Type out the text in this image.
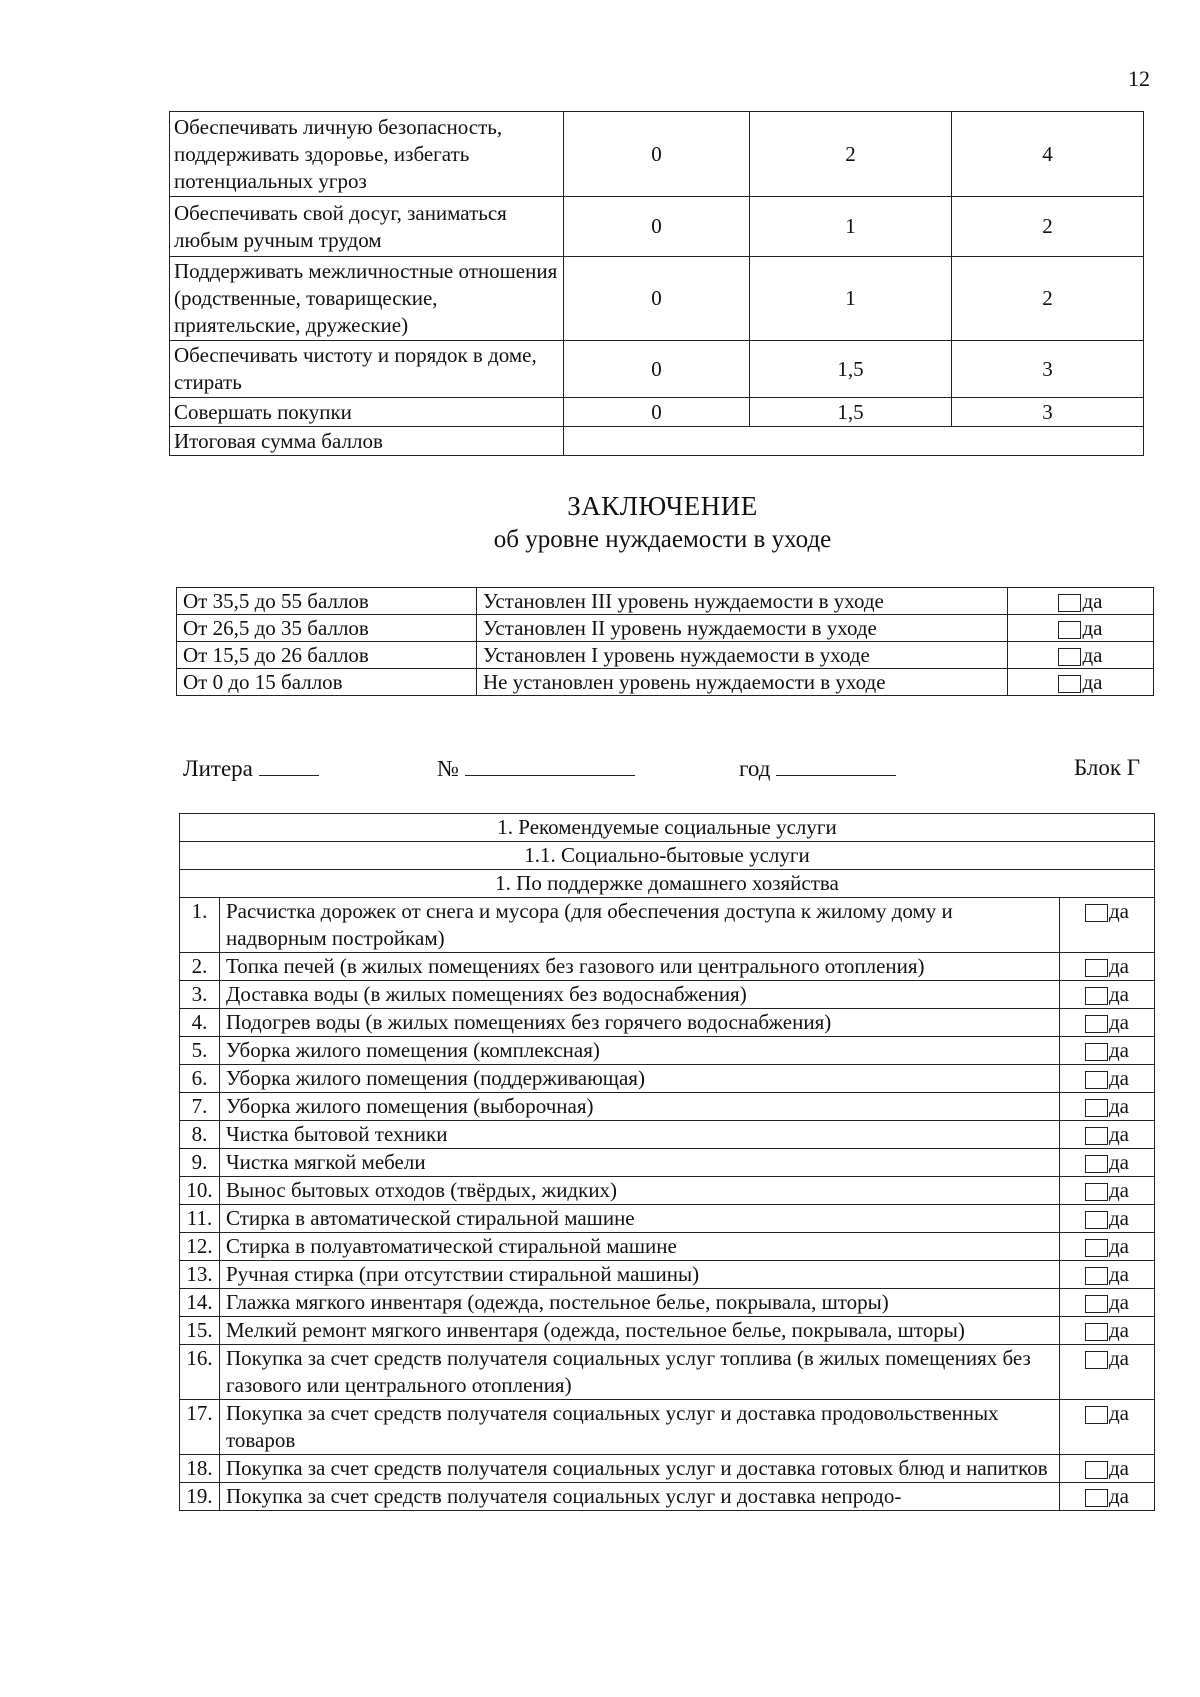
12
Обеспечивать личную безопасность, поддерживать здоровье, избегать потенциальных угроз	0	2	4
Обеспечивать свой досуг, заниматься любым ручным трудом	0	1	2
Поддерживать межличностные отношения (родственные, товарищеские, приятельские, дружеские)	0	1	2
Обеспечивать чистоту и порядок в доме, стирать	0	1,5	3
Совершать покупки	0	1,5	3
Итоговая сумма баллов			
ЗАКЛЮЧЕНИЕ
об уровне нуждаемости в уходе
От 35,5 до 55 баллов	Установлен III уровень нуждаемости в уходе	да
От 26,5 до 35 баллов	Установлен II уровень нуждаемости в уходе	да
От 15,5 до 26 баллов	Установлен I уровень нуждаемости в уходе	да
От 0 до 15 баллов	Не установлен уровень нуждаемости в уходе	да
Литера	№	год	Блок Г
1. Рекомендуемые социальные услуги		
1.1. Социально-бытовые услуги		
1. По поддержке домашнего хозяйства		
1.	Расчистка дорожек от снега и мусора (для обеспечения доступа к жилому дому и надворным постройкам)	да
2.	Топка печей (в жилых помещениях без газового или центрального отопления)	да
3.	Доставка воды (в жилых помещениях без водоснабжения)	да
4.	Подогрев воды (в жилых помещениях без горячего водоснабжения)	да
5.	Уборка жилого помещения (комплексная)	да
6.	Уборка жилого помещения (поддерживающая)	да
7.	Уборка жилого помещения (выборочная)	да
8.	Чистка бытовой техники	да
9.	Чистка мягкой мебели	да
10.	Вынос бытовых отходов (твёрдых, жидких)	да
11.	Стирка в автоматической стиральной машине	да
12.	Стирка в полуавтоматической стиральной машине	да
13.	Ручная стирка (при отсутствии стиральной машины)	да
14.	Глажка мягкого инвентаря (одежда, постельное белье, покрывала, шторы)	да
15.	Мелкий ремонт мягкого инвентаря (одежда, постельное белье, покрывала, шторы)	да
16.	Покупка за счет средств получателя социальных услуг топлива (в жилых помещениях без газового или центрального отопления)	да
17.	Покупка за счет средств получателя социальных услуг и доставка продовольственных товаров	да
18.	Покупка за счет средств получателя социальных услуг и доставка готовых блюд и напитков	да
19.	Покупка за счет средств получателя социальных услуг и доставка непродо-	да
